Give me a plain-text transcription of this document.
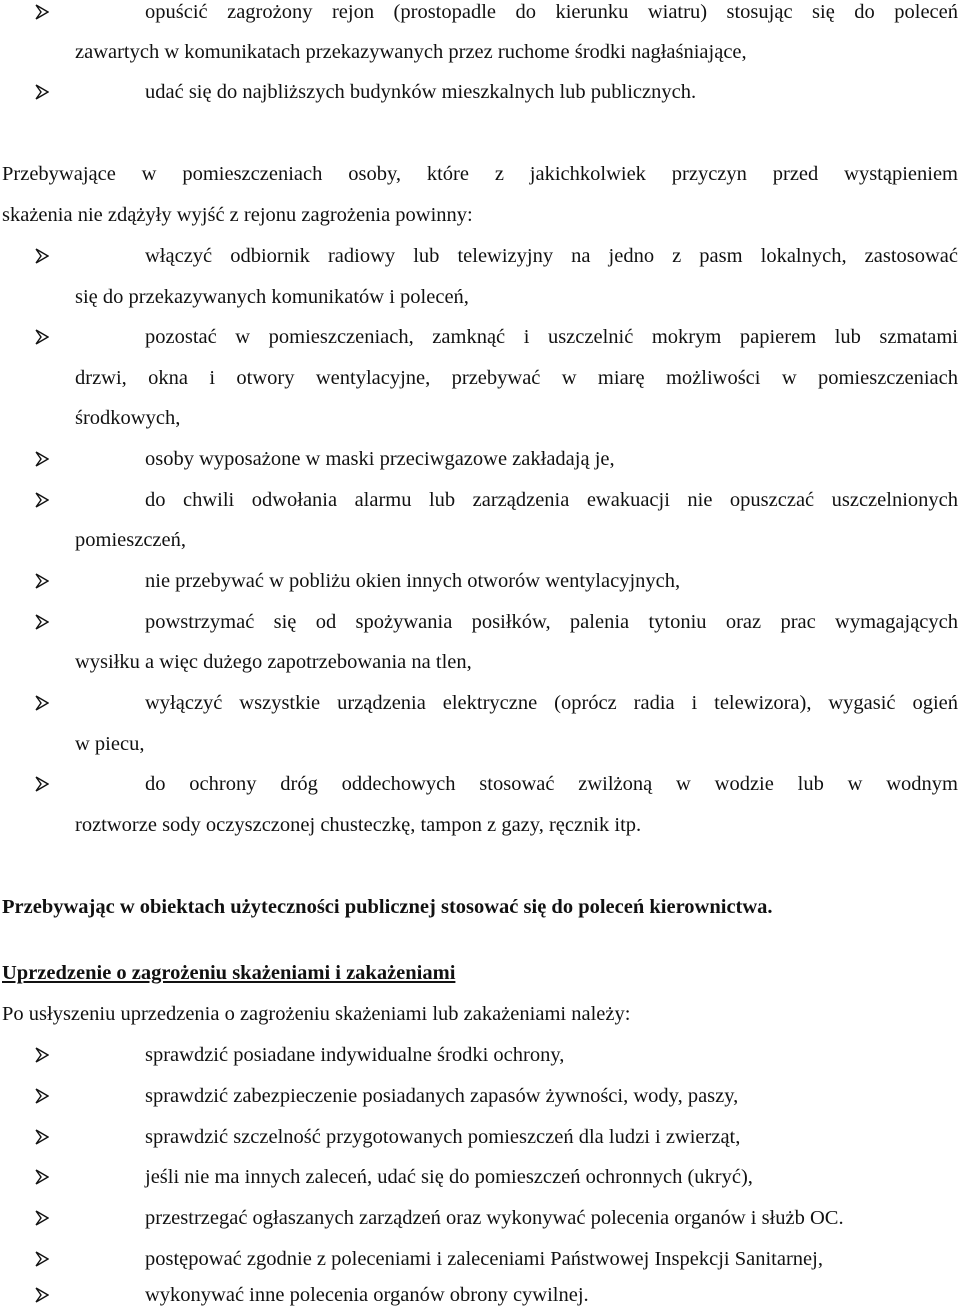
opuścić zagrożony rejon (prostopadle do kierunku wiatru) stosując się do poleceń
zawartych w komunikatach przekazywanych przez ruchome środki nagłaśniające,
udać się do najbliższych budynków mieszkalnych lub publicznych.
Przebywające w pomieszczeniach osoby, które z jakichkolwiek przyczyn przed wystąpieniem
skażenia nie zdążyły wyjść z rejonu zagrożenia powinny:
włączyć odbiornik radiowy lub telewizyjny na jedno z pasm lokalnych, zastosować
się do przekazywanych komunikatów i poleceń,
pozostać w pomieszczeniach, zamknąć i uszczelnić mokrym papierem lub szmatami
drzwi, okna i otwory wentylacyjne, przebywać w miarę możliwości w pomieszczeniach
środkowych,
osoby wyposażone w maski przeciwgazowe zakładają je,
do chwili odwołania alarmu lub zarządzenia ewakuacji nie opuszczać uszczelnionych
pomieszczeń,
nie przebywać w pobliżu okien innych otworów wentylacyjnych,
powstrzymać się od spożywania posiłków, palenia tytoniu oraz prac wymagających
wysiłku a więc dużego zapotrzebowania na tlen,
wyłączyć wszystkie urządzenia elektryczne (oprócz radia i telewizora), wygasić ogień
w piecu,
do ochrony dróg oddechowych stosować zwilżoną w wodzie lub w wodnym
roztworze sody oczyszczonej chusteczkę, tampon z gazy, ręcznik itp.
Przebywając w obiektach użyteczności publicznej stosować się do poleceń kierownictwa.
Uprzedzenie o zagrożeniu skażeniami i zakażeniami
Po usłyszeniu uprzedzenia o zagrożeniu skażeniami lub zakażeniami należy:
sprawdzić posiadane indywidualne środki ochrony,
sprawdzić zabezpieczenie posiadanych zapasów żywności, wody, paszy,
sprawdzić szczelność przygotowanych pomieszczeń dla ludzi i zwierząt,
jeśli nie ma innych zaleceń, udać się do pomieszczeń ochronnych (ukryć),
przestrzegać ogłaszanych zarządzeń oraz wykonywać polecenia organów i służb OC.
postępować zgodnie z poleceniami i zaleceniami Państwowej Inspekcji Sanitarnej,
wykonywać inne polecenia organów obrony cywilnej.
